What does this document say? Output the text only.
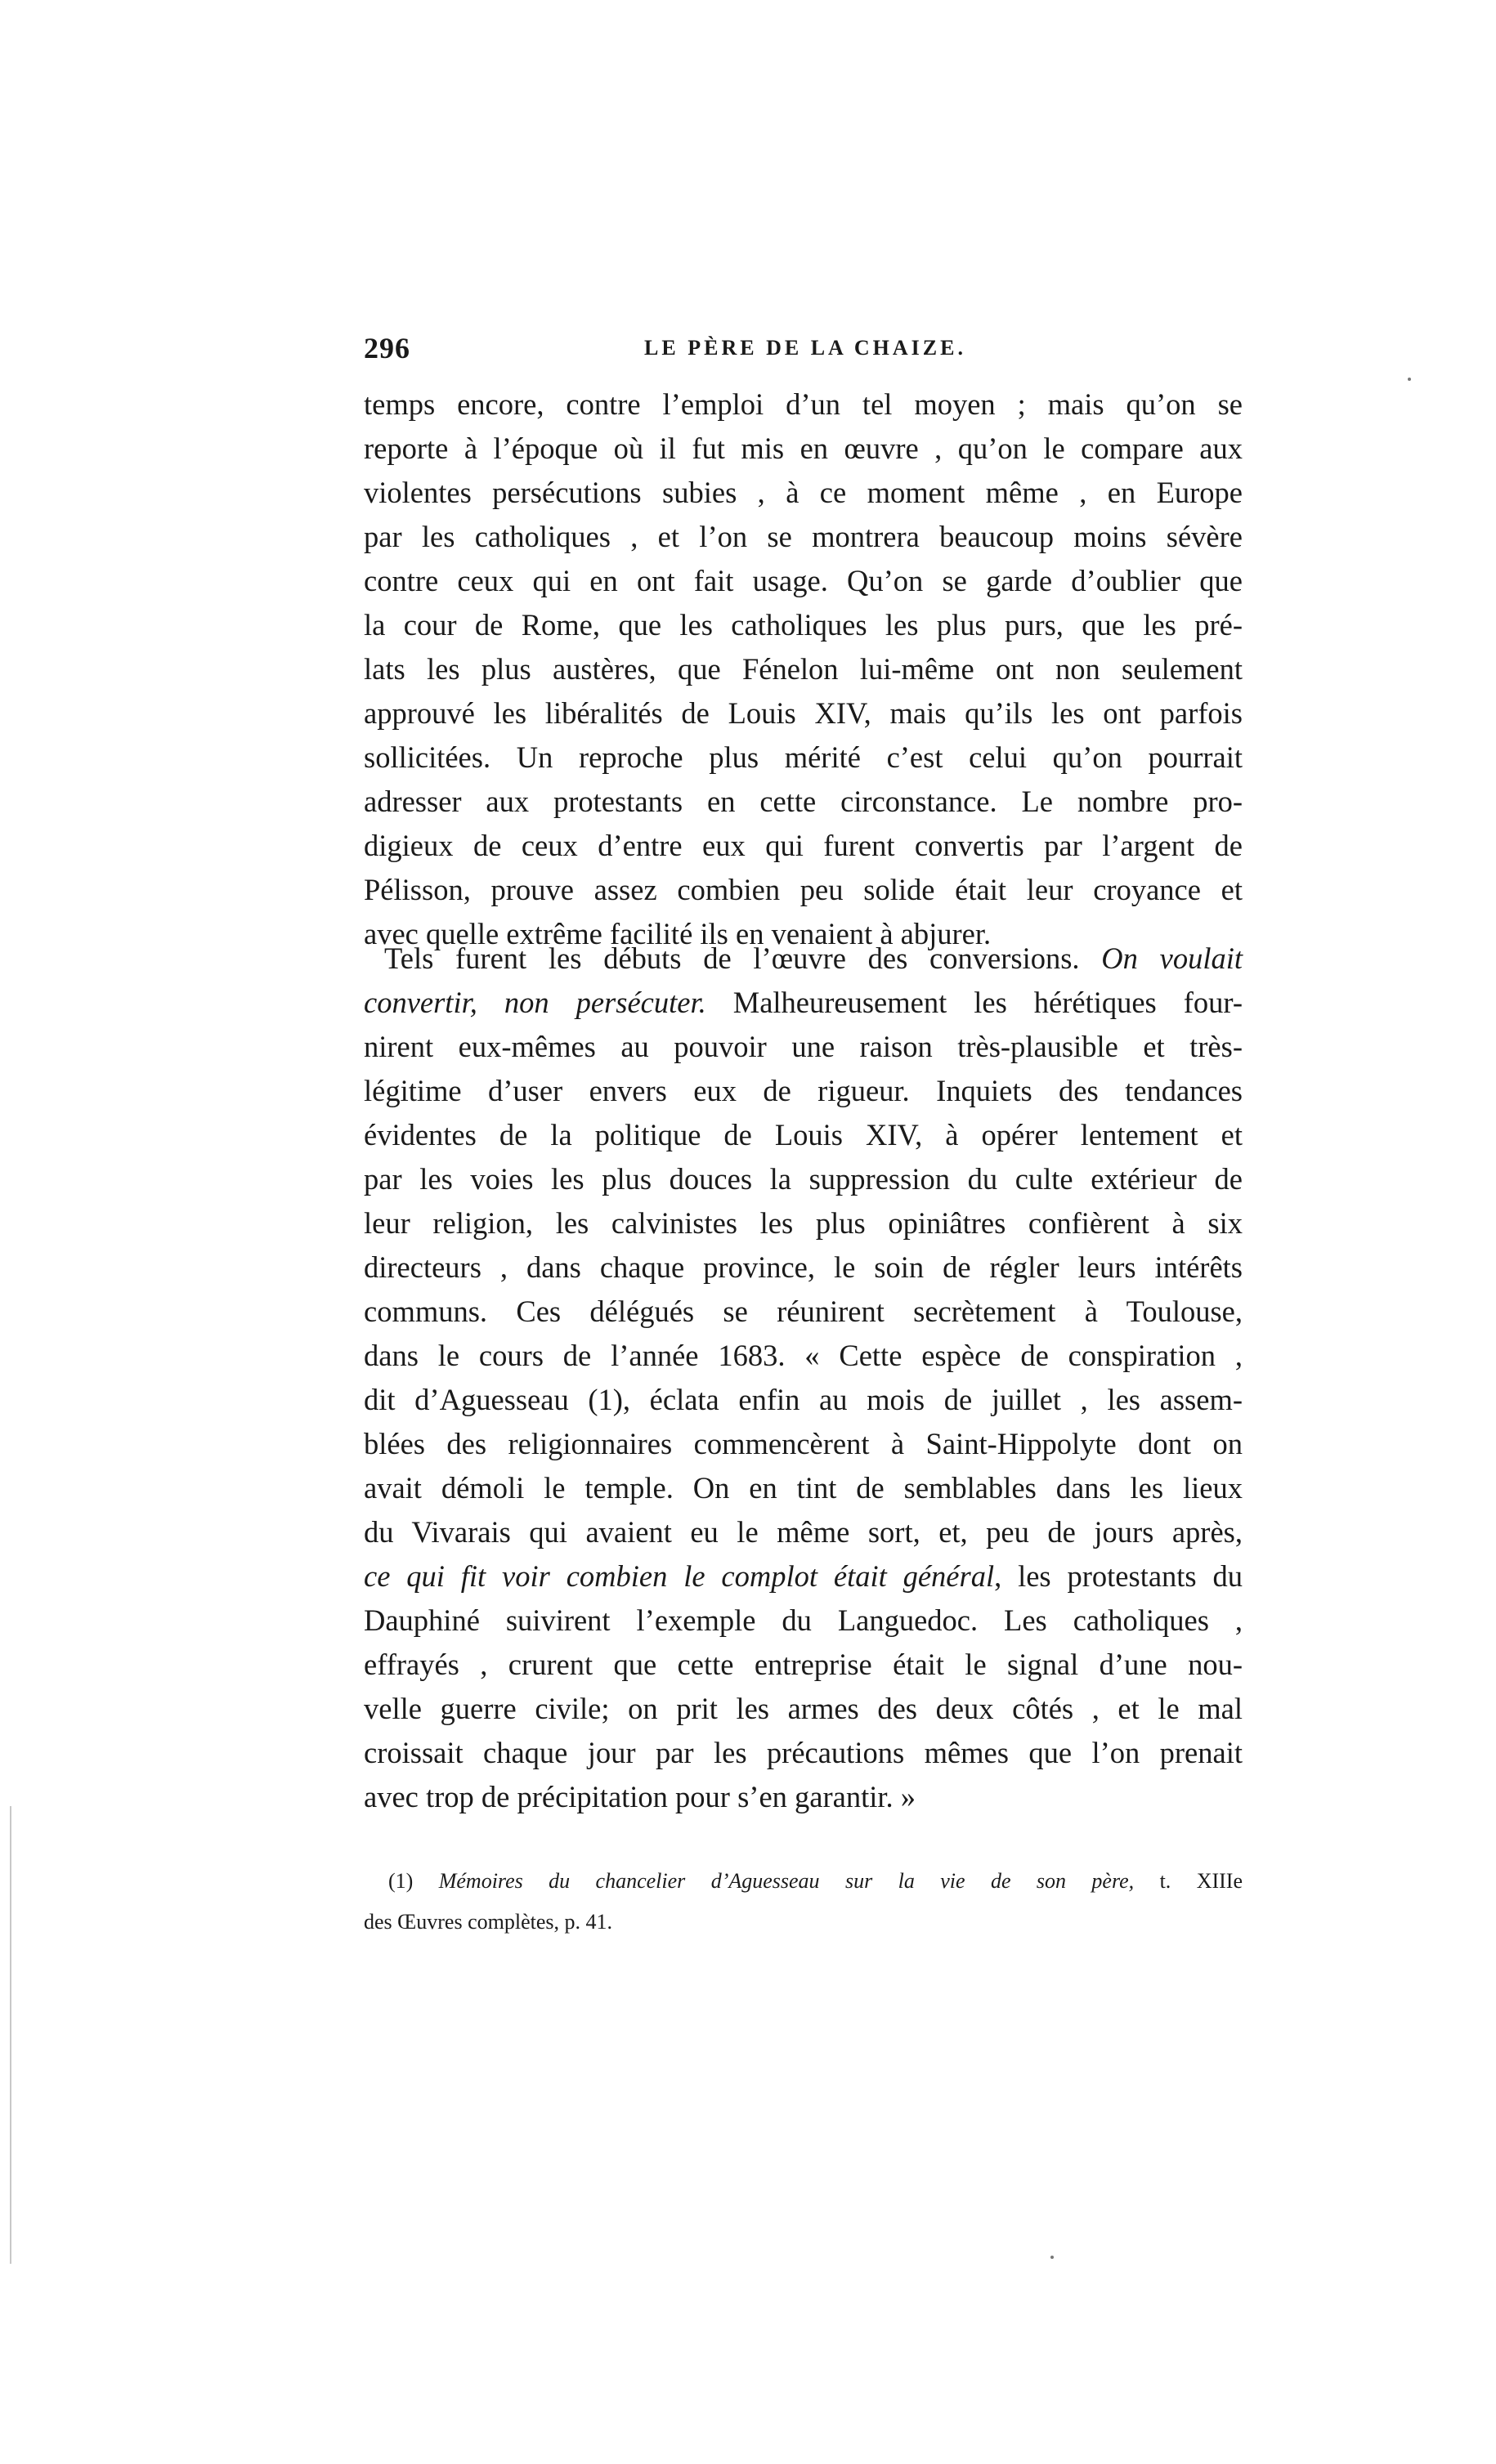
296	LE PÈRE DE LA CHAIZE.
temps encore, contre l’emploi d’un tel moyen ; mais qu’on se
reporte à l’époque où il fut mis en œuvre , qu’on le compare aux
violentes persécutions subies , à ce moment même , en Europe
par les catholiques , et l’on se montrera beaucoup moins sévère
contre ceux qui en ont fait usage. Qu’on se garde d’oublier que
la cour de Rome, que les catholiques les plus purs, que les pré-
lats les plus austères, que Fénelon lui-même ont non seulement
approuvé les libéralités de Louis XIV, mais qu’ils les ont parfois
sollicitées. Un reproche plus mérité c’est celui qu’on pourrait
adresser aux protestants en cette circonstance. Le nombre pro-
digieux de ceux d’entre eux qui furent convertis par l’argent de
Pélisson, prouve assez combien peu solide était leur croyance et
avec quelle extrême facilité ils en venaient à abjurer.
Tels furent les débuts de l’œuvre des conversions. On voulait
convertir, non persécuter. Malheureusement les hérétiques four-
nirent eux-mêmes au pouvoir une raison très-plausible et très-
légitime d’user envers eux de rigueur. Inquiets des tendances
évidentes de la politique de Louis XIV, à opérer lentement et
par les voies les plus douces la suppression du culte extérieur de
leur religion, les calvinistes les plus opiniâtres confièrent à six
directeurs , dans chaque province, le soin de régler leurs intérêts
communs. Ces délégués se réunirent secrètement à Toulouse,
dans le cours de l’année 1683. « Cette espèce de conspiration ,
dit d’Aguesseau (1), éclata enfin au mois de juillet , les assem-
blées des religionnaires commencèrent à Saint-Hippolyte dont on
avait démoli le temple. On en tint de semblables dans les lieux
du Vivarais qui avaient eu le même sort, et, peu de jours après,
ce qui fit voir combien le complot était général, les protestants du
Dauphiné suivirent l’exemple du Languedoc. Les catholiques ,
effrayés , crurent que cette entreprise était le signal d’une nou-
velle guerre civile; on prit les armes des deux côtés , et le mal
croissait chaque jour par les précautions mêmes que l’on prenait
avec trop de précipitation pour s’en garantir. »
(1) Mémoires du chancelier d’Aguesseau sur la vie de son père, t. XIIIe
des Œuvres complètes, p. 41.
